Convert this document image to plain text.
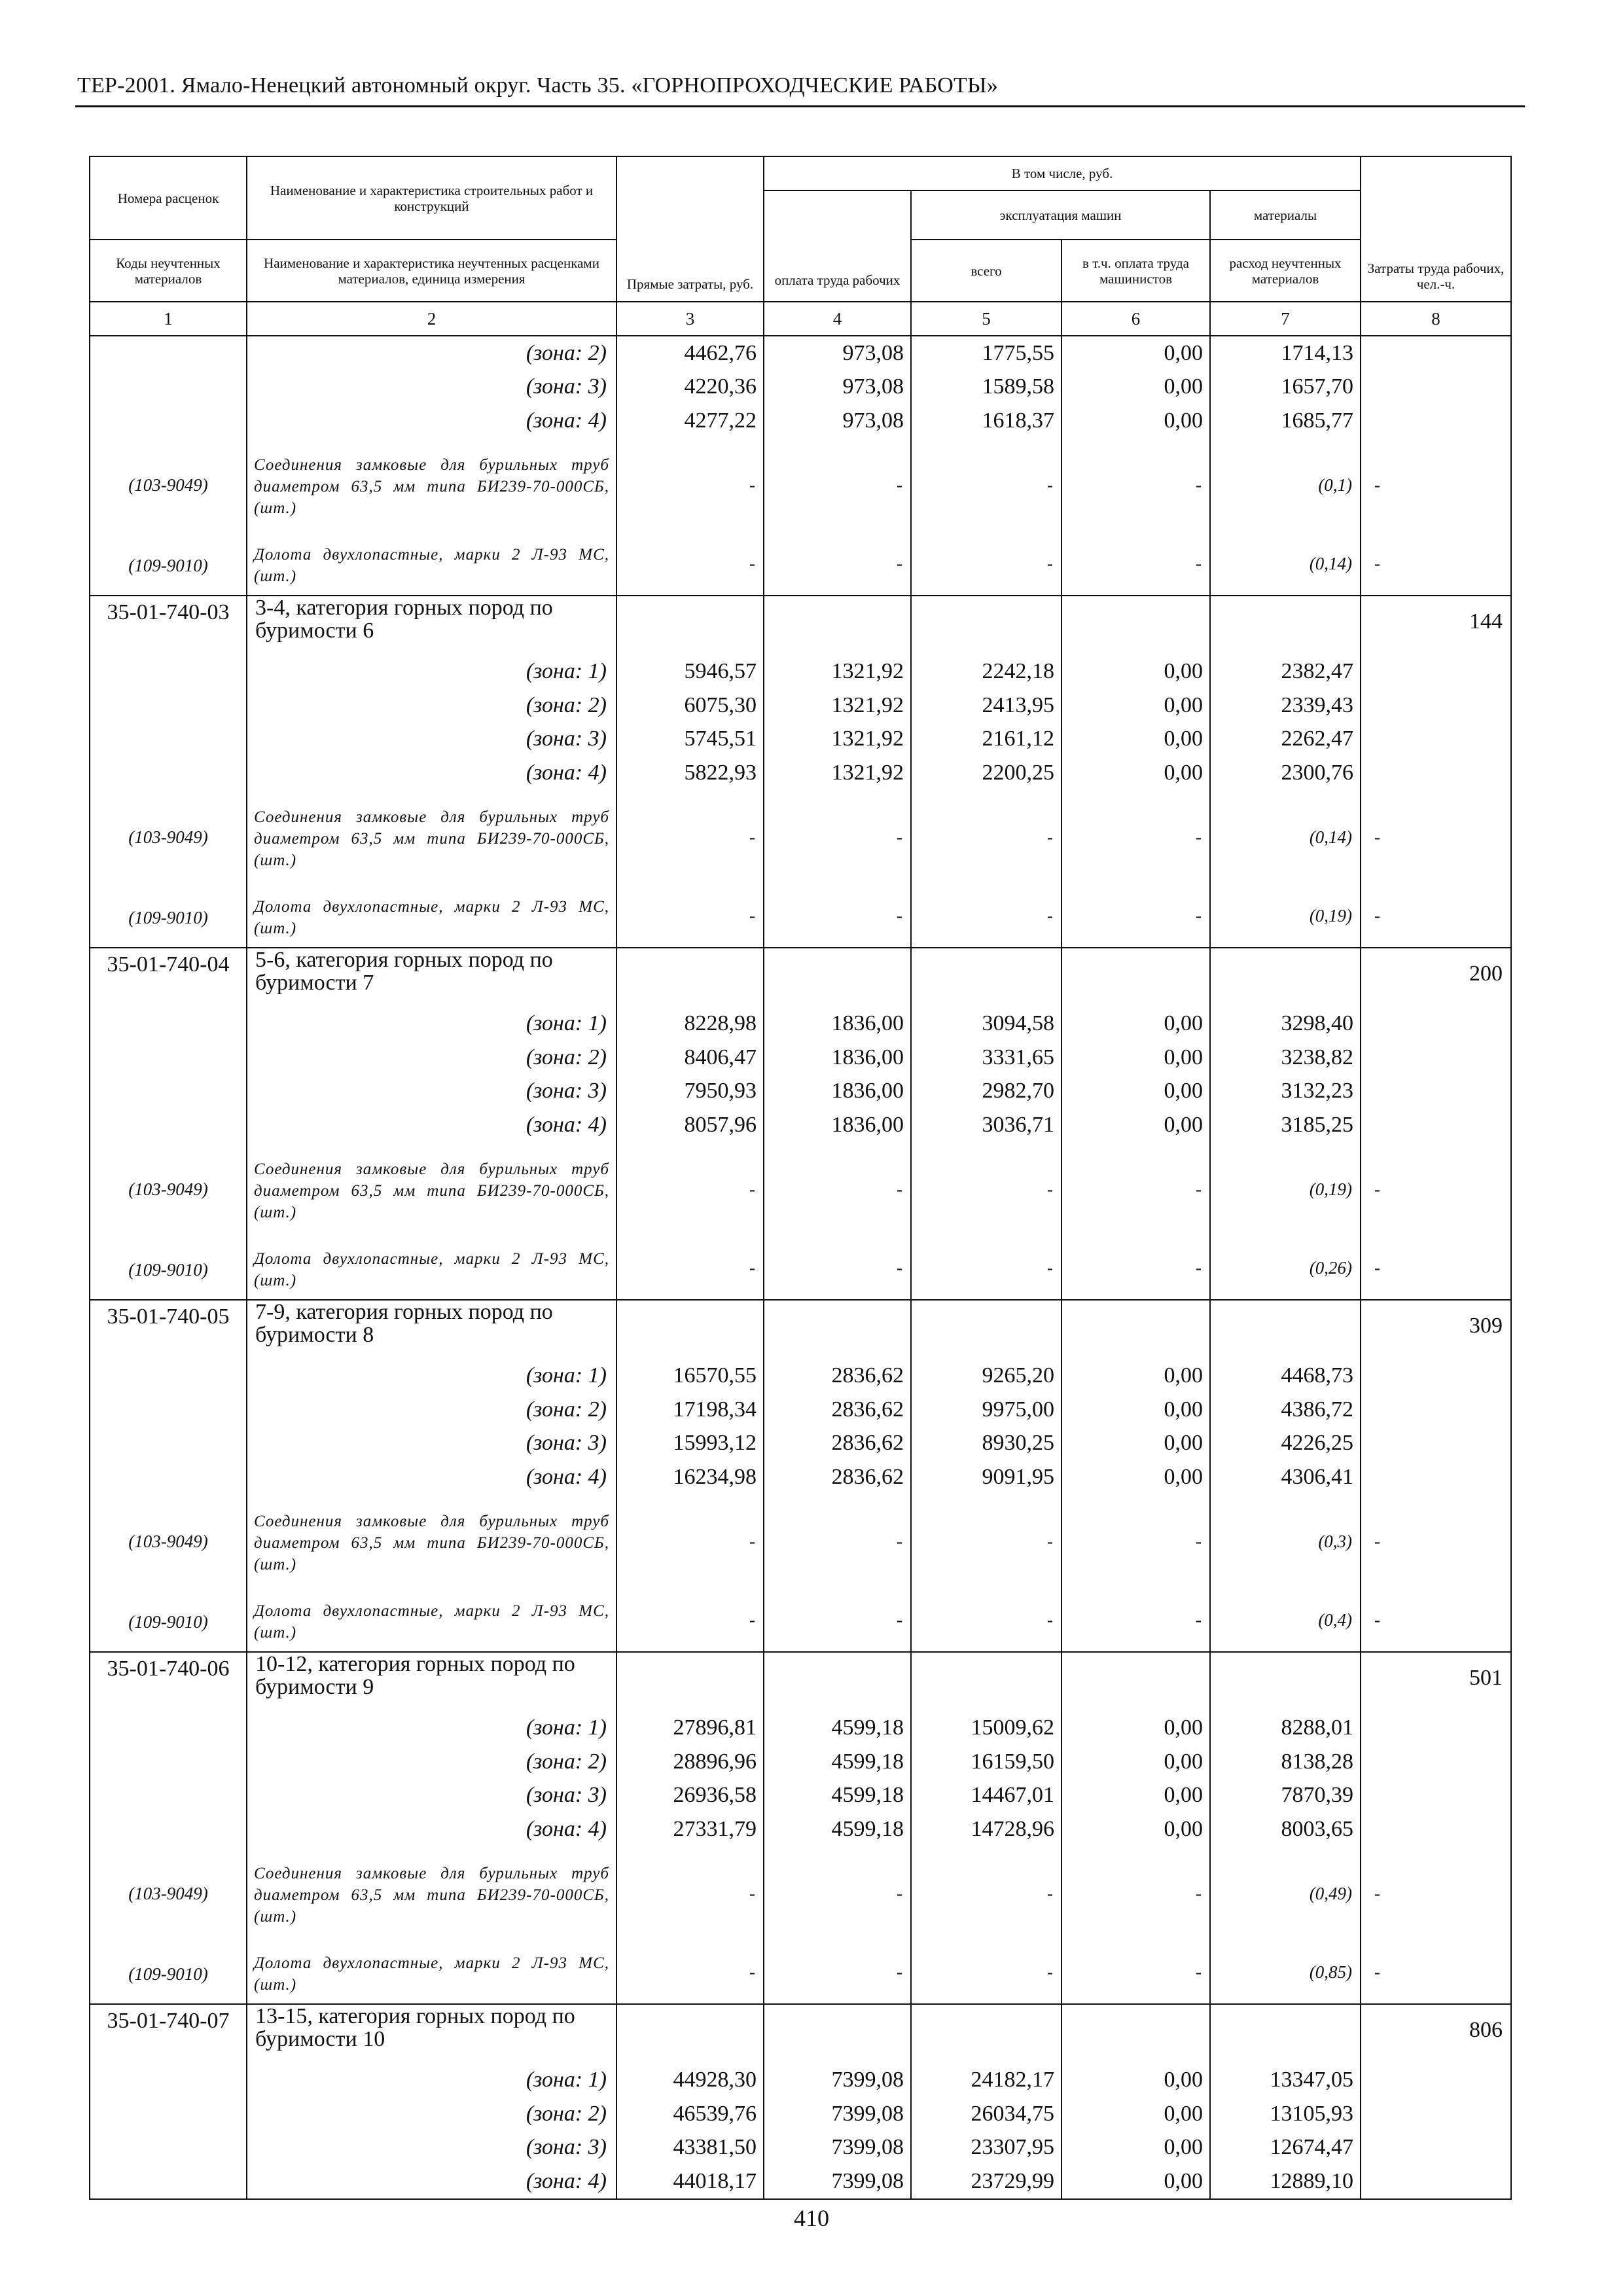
ТЕР-2001. Ямало-Ненецкий автономный округ. Часть 35. «ГОРНОПРОХОДЧЕСКИЕ РАБОТЫ»
Номера расценок	Наименование и характеристика строительных работ и конструкций	Прямые затраты, руб.	В том числе, руб.				Затраты труда рабочих, чел.-ч.
			оплата труда рабочих	эксплуатация машин		материалы	
Коды неучтенных материалов	Наименование и характеристика неучтенных расценками материалов, единица измерения			всего	в т.ч. оплата труда машинистов	расход неучтенных материалов	
1	2	3	4	5	6	7	8
	(зона: 2)	4462,76	973,08	1775,55	0,00	1714,13	
	(зона: 3)	4220,36	973,08	1589,58	0,00	1657,70	
	(зона: 4)	4277,22	973,08	1618,37	0,00	1685,77	
(103-9049)	Соединения замковые для бурильных труб диаметром 63,5 мм типа БИ239-70-000СБ, (шт.)	-	-	-	-	(0,1)	-
(109-9010)	Долота двухлопастные, марки 2 Л-93 МС, (шт.)	-	-	-	-	(0,14)	-
35-01-740-03	3-4, категория горных пород по буримости 6						144
	(зона: 1)	5946,57	1321,92	2242,18	0,00	2382,47	
	(зона: 2)	6075,30	1321,92	2413,95	0,00	2339,43	
	(зона: 3)	5745,51	1321,92	2161,12	0,00	2262,47	
	(зона: 4)	5822,93	1321,92	2200,25	0,00	2300,76	
(103-9049)	Соединения замковые для бурильных труб диаметром 63,5 мм типа БИ239-70-000СБ, (шт.)	-	-	-	-	(0,14)	-
(109-9010)	Долота двухлопастные, марки 2 Л-93 МС, (шт.)	-	-	-	-	(0,19)	-
35-01-740-04	5-6, категория горных пород по буримости 7						200
	(зона: 1)	8228,98	1836,00	3094,58	0,00	3298,40	
	(зона: 2)	8406,47	1836,00	3331,65	0,00	3238,82	
	(зона: 3)	7950,93	1836,00	2982,70	0,00	3132,23	
	(зона: 4)	8057,96	1836,00	3036,71	0,00	3185,25	
(103-9049)	Соединения замковые для бурильных труб диаметром 63,5 мм типа БИ239-70-000СБ, (шт.)	-	-	-	-	(0,19)	-
(109-9010)	Долота двухлопастные, марки 2 Л-93 МС, (шт.)	-	-	-	-	(0,26)	-
35-01-740-05	7-9, категория горных пород по буримости 8						309
	(зона: 1)	16570,55	2836,62	9265,20	0,00	4468,73	
	(зона: 2)	17198,34	2836,62	9975,00	0,00	4386,72	
	(зона: 3)	15993,12	2836,62	8930,25	0,00	4226,25	
	(зона: 4)	16234,98	2836,62	9091,95	0,00	4306,41	
(103-9049)	Соединения замковые для бурильных труб диаметром 63,5 мм типа БИ239-70-000СБ, (шт.)	-	-	-	-	(0,3)	-
(109-9010)	Долота двухлопастные, марки 2 Л-93 МС, (шт.)	-	-	-	-	(0,4)	-
35-01-740-06	10-12, категория горных пород по буримости 9						501
	(зона: 1)	27896,81	4599,18	15009,62	0,00	8288,01	
	(зона: 2)	28896,96	4599,18	16159,50	0,00	8138,28	
	(зона: 3)	26936,58	4599,18	14467,01	0,00	7870,39	
	(зона: 4)	27331,79	4599,18	14728,96	0,00	8003,65	
(103-9049)	Соединения замковые для бурильных труб диаметром 63,5 мм типа БИ239-70-000СБ, (шт.)	-	-	-	-	(0,49)	-
(109-9010)	Долота двухлопастные, марки 2 Л-93 МС, (шт.)	-	-	-	-	(0,85)	-
35-01-740-07	13-15, категория горных пород по буримости 10						806
	(зона: 1)	44928,30	7399,08	24182,17	0,00	13347,05	
	(зона: 2)	46539,76	7399,08	26034,75	0,00	13105,93	
	(зона: 3)	43381,50	7399,08	23307,95	0,00	12674,47	
	(зона: 4)	44018,17	7399,08	23729,99	0,00	12889,10	
410
